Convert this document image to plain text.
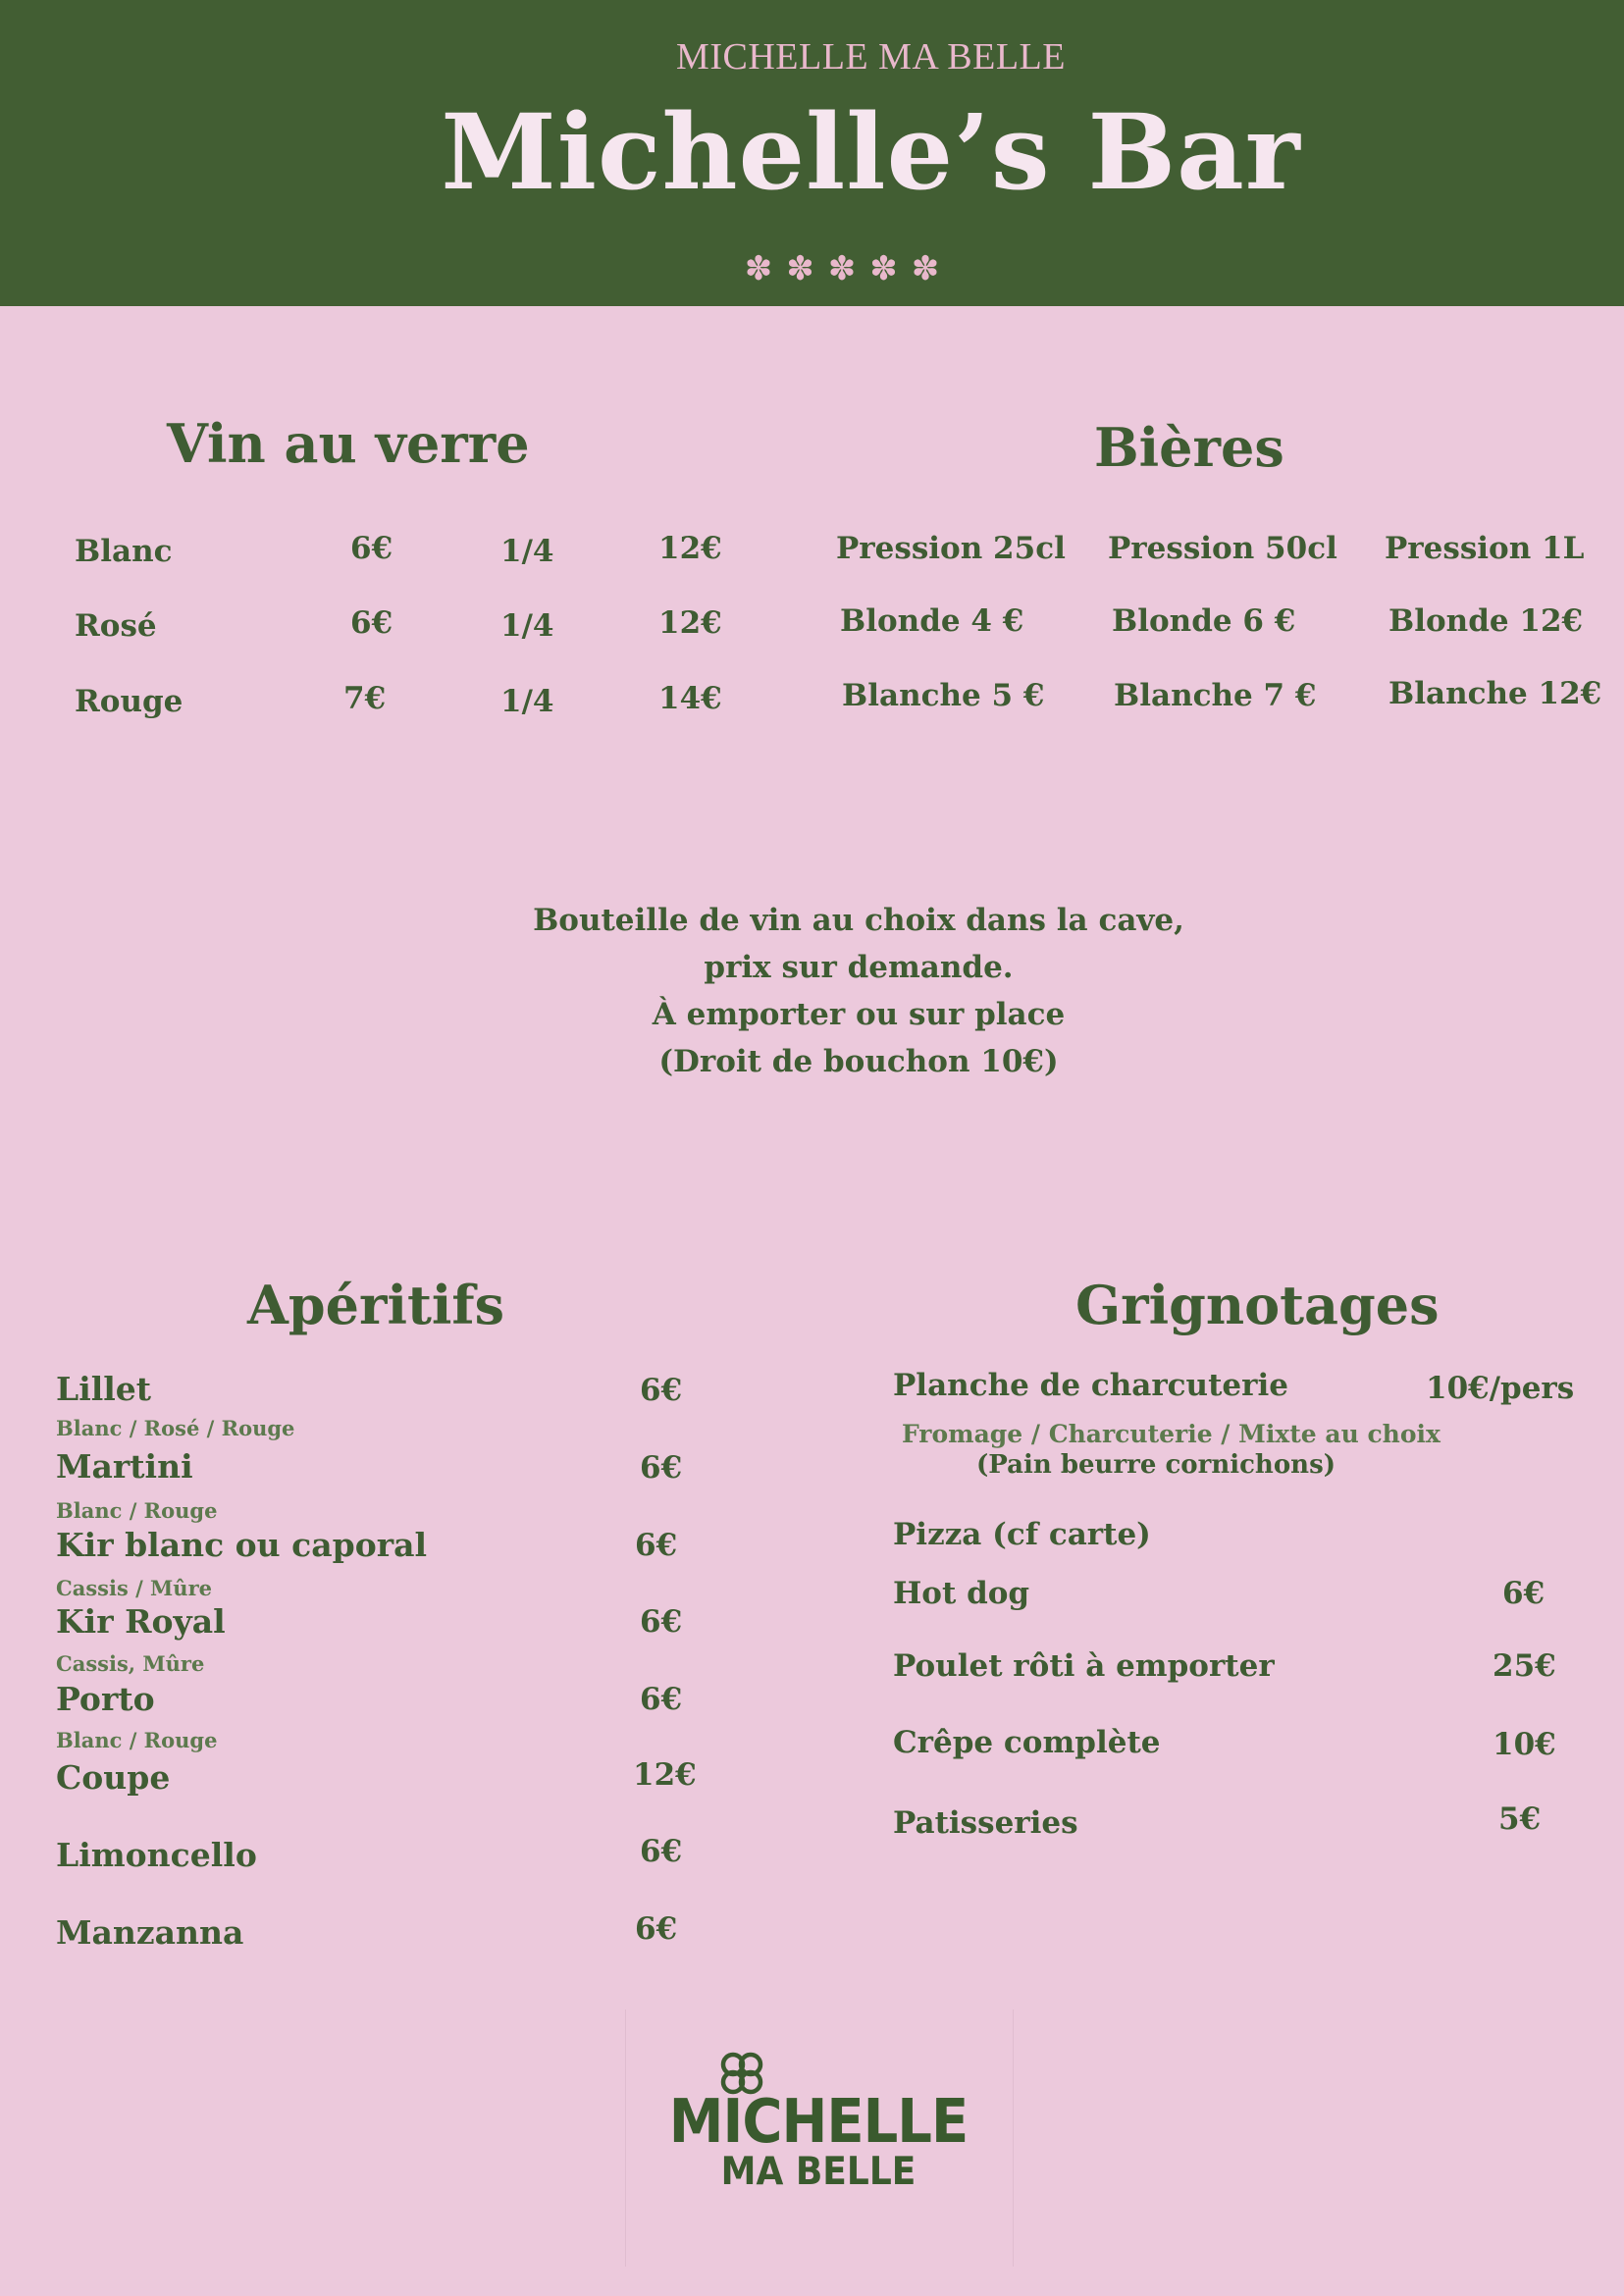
MICHELLE MA BELLE
Michelle’s Bar
✽✽✽✽✽
Vin au verre
Blanc	6€	1/4	12€
Rosé	6€	1/4	12€
Rouge	7€	1/4	14€
Bières
Pression 25cl Pression 50cl Pression 1L
Blonde 4 €	Blonde 6 €	Blonde 12€
Blanche 5 € Blanche 7 € Blanche 12€
Bouteille de vin au choix dans la cave,
prix sur demande.
À emporter ou sur place
(Droit de bouchon 10€)
Apéritifs
Lillet	6€
Blanc / Rosé / Rouge
Martini	6€
Blanc / Rouge
Kir blanc ou caporal	6€
Cassis / Mûre
Kir Royal	6€
Cassis, Mûre
Porto	6€
Blanc / Rouge
Coupe	12€
Limoncello	6€
Manzanna	6€
Grignotages
Planche de charcuterie	10€/pers
Fromage / Charcuterie / Mixte au choix
(Pain beurre cornichons)
Pizza (cf carte)
Hot dog	6€
Poulet rôti à emporter	25€
Crêpe complète	10€
Patisseries	5€
MICHELLE
MA BELLE
